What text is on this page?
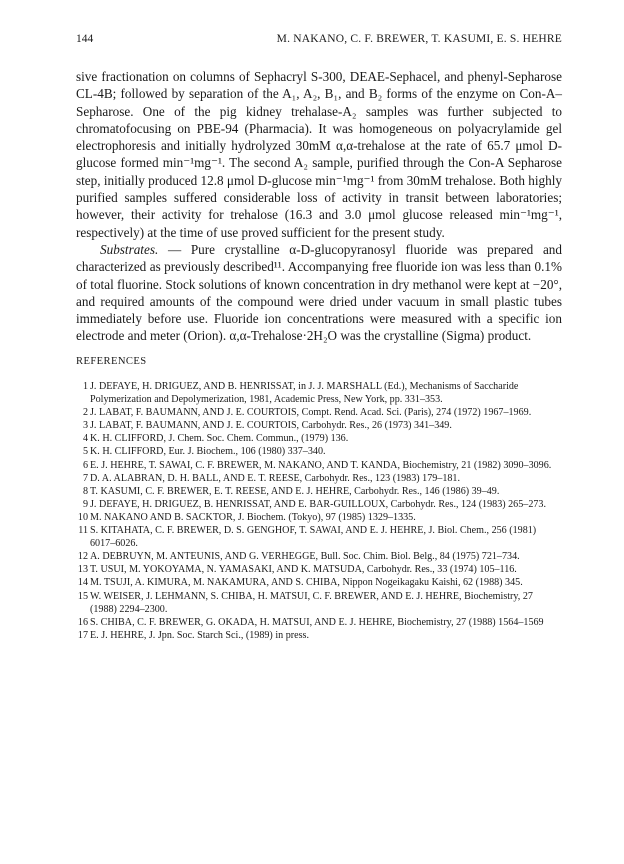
144	M. NAKANO, C. F. BREWER, T. KASUMI, E. S. HEHRE

sive fractionation on columns of Sephacryl S-300, DEAE-Sephacel, and phenyl-Sepharose CL-4B; followed by separation of the A₁, A₂, B₁, and B₂ forms of the enzyme on Con-A–Sepharose. One of the pig kidney trehalase-A₂ samples was further subjected to chromatofocusing on PBE-94 (Pharmacia). It was homogeneous on polyacrylamide gel electrophoresis and initially hydrolyzed 30mM α,α-trehalose at the rate of 65.7 μmol D-glucose formed min⁻¹mg⁻¹. The second A₂ sample, purified through the Con-A Sepharose step, initially produced 12.8 μmol D-glucose min⁻¹mg⁻¹ from 30mM trehalose. Both highly purified samples suffered considerable loss of activity in transit between laboratories; however, their activity for trehalose (16.3 and 3.0 μmol glucose released min⁻¹mg⁻¹, respectively) at the time of use proved sufficient for the present study.

Substrates. — Pure crystalline α-D-glucopyranosyl fluoride was prepared and characterized as previously described¹¹. Accompanying free fluoride ion was less than 0.1% of total fluorine. Stock solutions of known concentration in dry methanol were kept at −20°, and required amounts of the compound were dried under vacuum in small plastic tubes immediately before use. Fluoride ion concentrations were measured with a specific ion electrode and meter (Orion). α,α-Trehalose·2H₂O was the crystalline (Sigma) product.

REFERENCES
1 J. DEFAYE, H. DRIGUEZ, AND B. HENRISSAT, in J. J. MARSHALL (Ed.), Mechanisms of Saccharide Polymerization and Depolymerization, 1981, Academic Press, New York, pp. 331–353.
2 J. LABAT, F. BAUMANN, AND J. E. COURTOIS, Compt. Rend. Acad. Sci. (Paris), 274 (1972) 1967–1969.
3 J. LABAT, F. BAUMANN, AND J. E. COURTOIS, Carbohydr. Res., 26 (1973) 341–349.
4 K. H. CLIFFORD, J. Chem. Soc. Chem. Commun., (1979) 136.
5 K. H. CLIFFORD, Eur. J. Biochem., 106 (1980) 337–340.
6 E. J. HEHRE, T. SAWAI, C. F. BREWER, M. NAKANO, AND T. KANDA, Biochemistry, 21 (1982) 3090–3096.
7 D. A. ALABRAN, D. H. BALL, AND E. T. REESE, Carbohydr. Res., 123 (1983) 179–181.
8 T. KASUMI, C. F. BREWER, E. T. REESE, AND E. J. HEHRE, Carbohydr. Res., 146 (1986) 39–49.
9 J. DEFAYE, H. DRIGUEZ, B. HENRISSAT, AND E. BAR-GUILLOUX, Carbohydr. Res., 124 (1983) 265–273.
10 M. NAKANO AND B. SACKTOR, J. Biochem. (Tokyo), 97 (1985) 1329–1335.
11 S. KITAHATA, C. F. BREWER, D. S. GENGHOF, T. SAWAI, AND E. J. HEHRE, J. Biol. Chem., 256 (1981) 6017–6026.
12 A. DEBRUYN, M. ANTEUNIS, AND G. VERHEGGE, Bull. Soc. Chim. Biol. Belg., 84 (1975) 721–734.
13 T. USUI, M. YOKOYAMA, N. YAMASAKI, AND K. MATSUDA, Carbohydr. Res., 33 (1974) 105–116.
14 M. TSUJI, A. KIMURA, M. NAKAMURA, AND S. CHIBA, Nippon Nogeikagaku Kaishi, 62 (1988) 345.
15 W. WEISER, J. LEHMANN, S. CHIBA, H. MATSUI, C. F. BREWER, AND E. J. HEHRE, Biochemistry, 27 (1988) 2294–2300.
16 S. CHIBA, C. F. BREWER, G. OKADA, H. MATSUI, AND E. J. HEHRE, Biochemistry, 27 (1988) 1564–1569
17 E. J. HEHRE, J. Jpn. Soc. Starch Sci., (1989) in press.
